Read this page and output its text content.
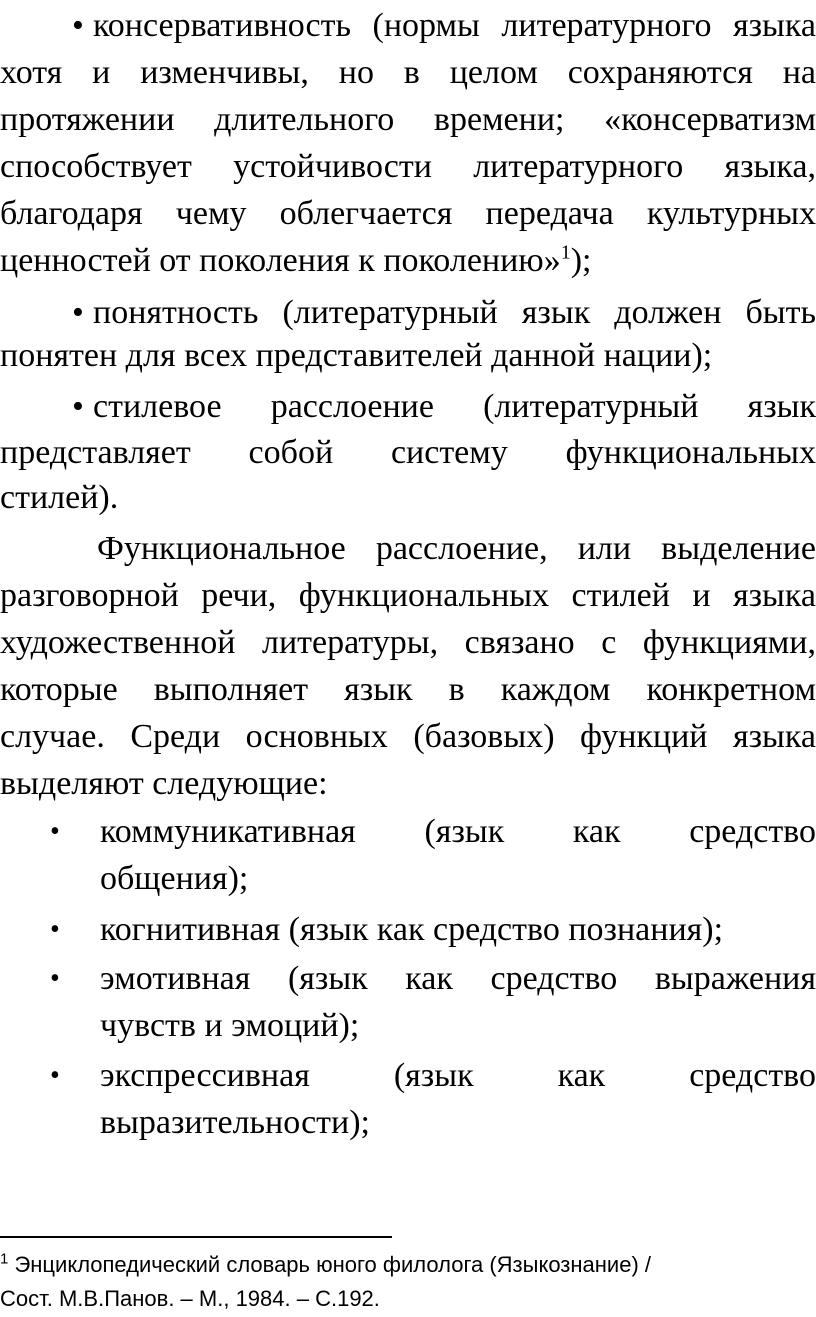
• консервативность (нормы литературного языка
хотя и изменчивы, но в целом сохраняются на
протяжении длительного времени; «консерватизм
способствует устойчивости литературного языка,
благодаря чему облегчается передача культурных
ценностей от поколения к поколению»$^1$);
• понятность (литературный язык должен быть
понятен для всех представителей данной нации);
• стилевое расслоение (литературный язык
представляет собой систему функциональных
стилей).
Функциональное расслоение, или выделение
разговорной речи, функциональных стилей и языка
художественной литературы, связано с функциями,
которые выполняет язык в каждом конкретном
случае. Среди основных (базовых) функций языка
выделяют следующие:
• коммуникативная (язык как средство
общения);
• когнитивная (язык как средство познания);
• эмотивная (язык как средство выражения
чувств и эмоций);
• экспрессивная (язык как средство
выразительности);
$^1$ Энциклопедический словарь юного филолога (Языкознание) /
Сост. М.В.Панов. – М., 1984. – С.192.
